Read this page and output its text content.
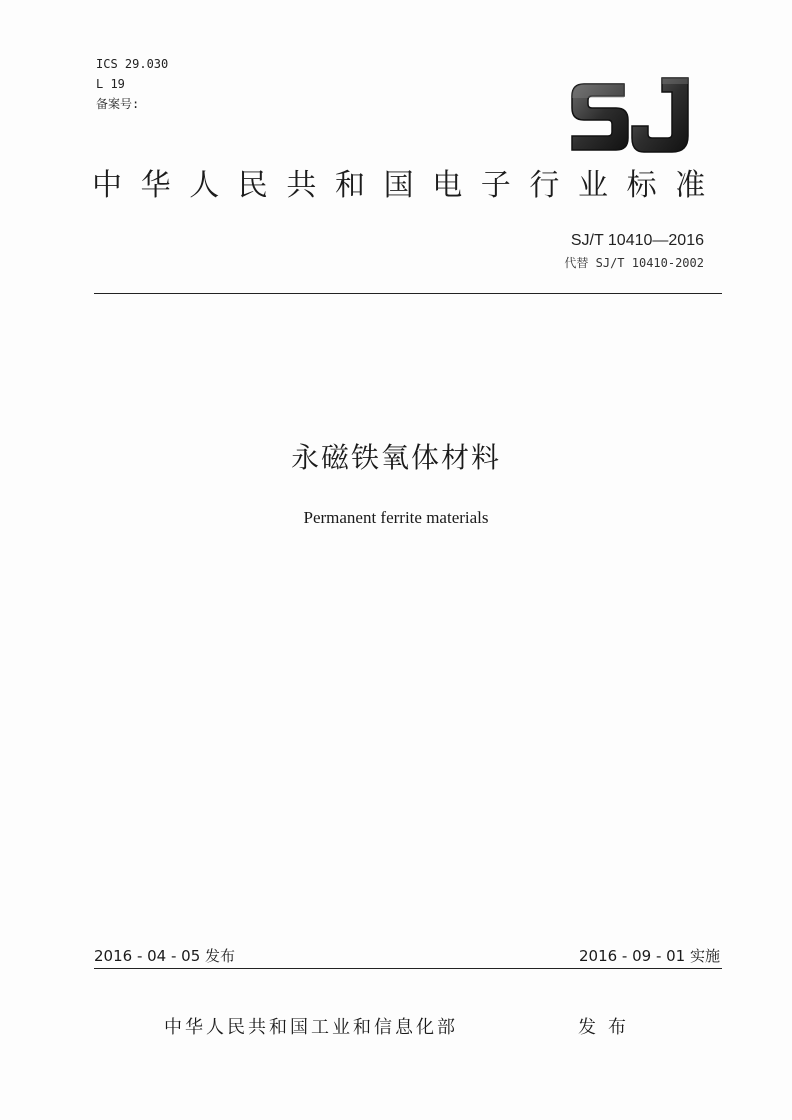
ICS 29.030
L 19
备案号:
中华人民共和国电子行业标准
SJ/T 10410—2016
代替 SJ/T 10410-2002
永磁铁氧体材料
Permanent ferrite materials
2016 - 04 - 05 发布	2016 - 09 - 01 实施
中华人民共和国工业和信息化部	发布
